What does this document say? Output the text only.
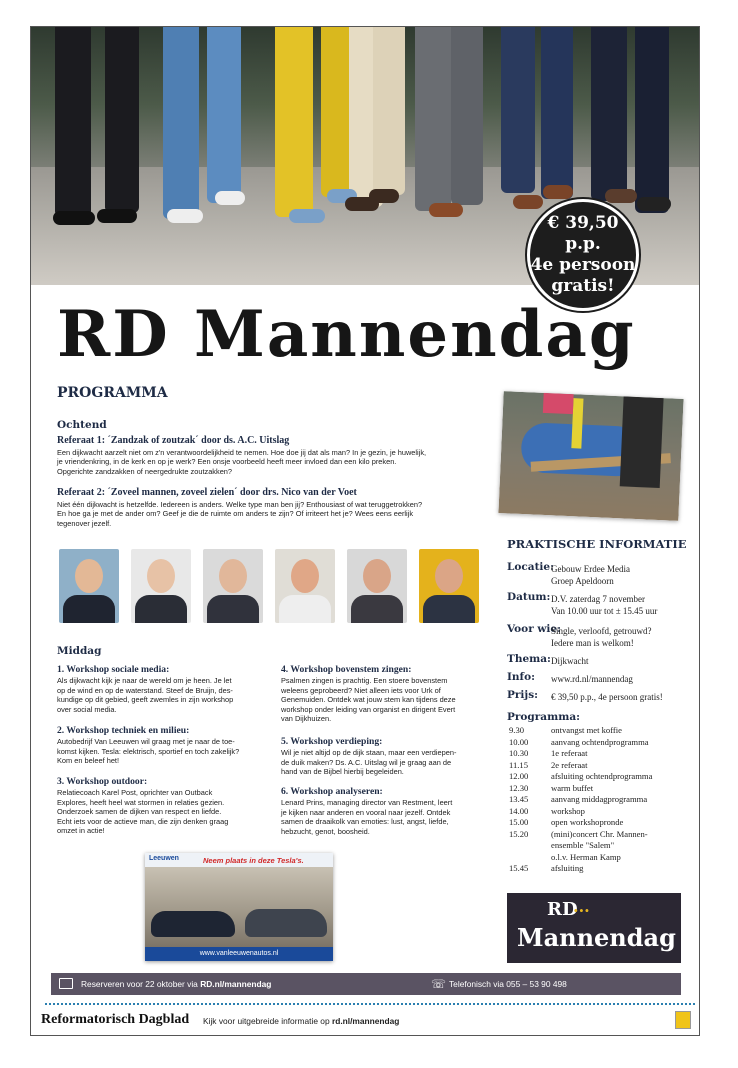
€ 39,50 p.p.
4e persoon
gratis!
RD Mannendag
PROGRAMMA
Ochtend
Referaat 1: ´Zandzak of zoutzak´ door ds. A.C. Uitslag
Een dijkwacht aarzelt niet om z'n verantwoordelijkheid te nemen. Hoe doe jij dat als man? In je gezin, je huwelijk,
je vriendenkring, in de kerk en op je werk? Een onsje voorbeeld heeft meer invloed dan een kilo preken.
Opgerichte zandzakken of neergedrukte zoutzakken?
Referaat 2: ´Zoveel mannen, zoveel zielen´ door drs. Nico van der Voet
Niet één dijkwacht is hetzelfde. Iedereen is anders. Welke type man ben jij? Enthousiast of wat teruggetrokken?
En hoe ga je met de ander om? Geef je die de ruimte om anders te zijn? Of irriteert het je? Wees eens eerlijk
tegenover jezelf.
Middag
1. Workshop sociale media:
Als dijkwacht kijk je naar de wereld om je heen. Je let
op de wind en op de waterstand. Steef de Bruijn, des-
kundige op dit gebied, geeft zwemles in zijn workshop
over social media.
2. Workshop techniek en milieu:
Autobedrijf Van Leeuwen wil graag met je naar de toe-
komst kijken. Tesla: elektrisch, sportief en toch zakelijk?
Kom en beleef het!
3. Workshop outdoor:
Relatiecoach Karel Post, oprichter van Outback
Explores, heeft heel wat stormen in relaties gezien.
Onderzoek samen de dijken van respect en liefde.
Echt iets voor de actieve man, die zijn denken graag
omzet in actie!
4. Workshop bovenstem zingen:
Psalmen zingen is prachtig. Een stoere bovenstem
weleens geprobeerd? Niet alleen iets voor Urk of
Genemuiden. Ontdek wat jouw stem kan tijdens deze
workshop onder leiding van organist en dirigent Evert
van Dijkhuizen.
5. Workshop verdieping:
Wil je niet altijd op de dijk staan, maar een verdiepen-
de duik maken? Ds. A.C. Uitslag wil je graag aan de
hand van de Bijbel hierbij begeleiden.
6. Workshop analyseren:
Lenard Prins, managing director van Restment, leert
je kijken naar anderen en vooral naar jezelf. Ontdek
samen de draaikolk van emoties: lust, angst, liefde,
hebzucht, genot, boosheid.
Leeuwen	Neem plaats in deze Tesla's.
www.vanleeuwenautos.nl
PRAKTISCHE INFORMATIE
Locatie:
Gebouw Erdee Media
Groep Apeldoorn
Datum: D.V. zaterdag 7 november
Van 10.00 uur tot ± 15.45 uur
Voor wie:
Single, verloofd, getrouwd?
Iedere man is welkom!
Thema: Dijkwacht
Info: www.rd.nl/mannendag
Prijs: € 39,50 p.p., 4e persoon gratis!
Programma:
9.30	ontvangst met koffie
10.00	aanvang ochtendprogramma
10.30	1e referaat
11.15	2e referaat
12.00	afsluiting ochtendprogramma
12.30	warm buffet
13.45	aanvang middagprogramma
14.00	workshop
15.00	open workshopronde
15.20	(mini)concert Chr. Mannen-
ensemble "Salem"
o.l.v. Herman Kamp
15.45	afsluiting
RD
...
Mannendag
Reserveren voor 22 oktober via RD.nl/mannendag	☏ Telefonisch via 055 – 53 90 498
Reformatorisch Dagblad Kijk voor uitgebreide informatie op rd.nl/mannendag
